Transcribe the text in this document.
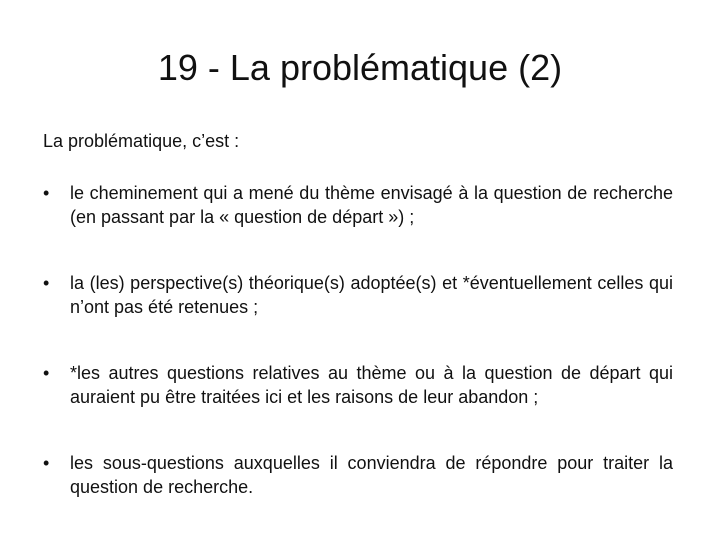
19 - La problématique (2)

La problématique, c’est :

•	le cheminement qui a mené du thème envisagé à la question de recherche (en passant par la « question de départ ») ;
•	la (les) perspective(s) théorique(s) adoptée(s) et *éventuellement celles qui n’ont pas été retenues ;
•	*les autres questions relatives au thème ou à la question de départ qui auraient pu être traitées ici et les raisons de leur abandon ;
•	les sous-questions auxquelles il conviendra de répondre pour traiter la question de recherche.
